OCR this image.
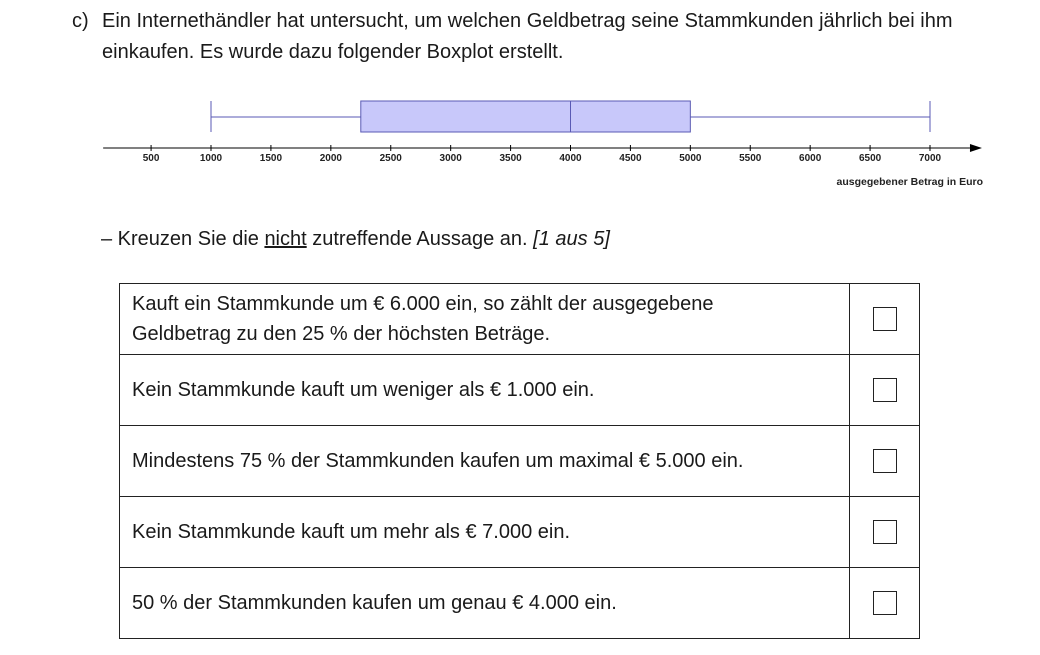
c) Ein Internethändler hat untersucht, um welchen Geldbetrag seine Stammkunden jährlich bei ihm einkaufen. Es wurde dazu folgender Boxplot erstellt.
500	1000	1500	2000	2500	3000	3500	4000	4500	5000	5500	6000	6500	7000
ausgegebener Betrag in Euro
– Kreuzen Sie die nicht zutreffende Aussage an. [1 aus 5]
Kauft ein Stammkunde um € 6.000 ein, so zählt der ausgegebene
Geldbetrag zu den 25 % der höchsten Beträge.	
Kein Stammkunde kauft um weniger als € 1.000 ein.	
Mindestens 75 % der Stammkunden kaufen um maximal € 5.000 ein.	
Kein Stammkunde kauft um mehr als € 7.000 ein.	
50 % der Stammkunden kaufen um genau € 4.000 ein.	
